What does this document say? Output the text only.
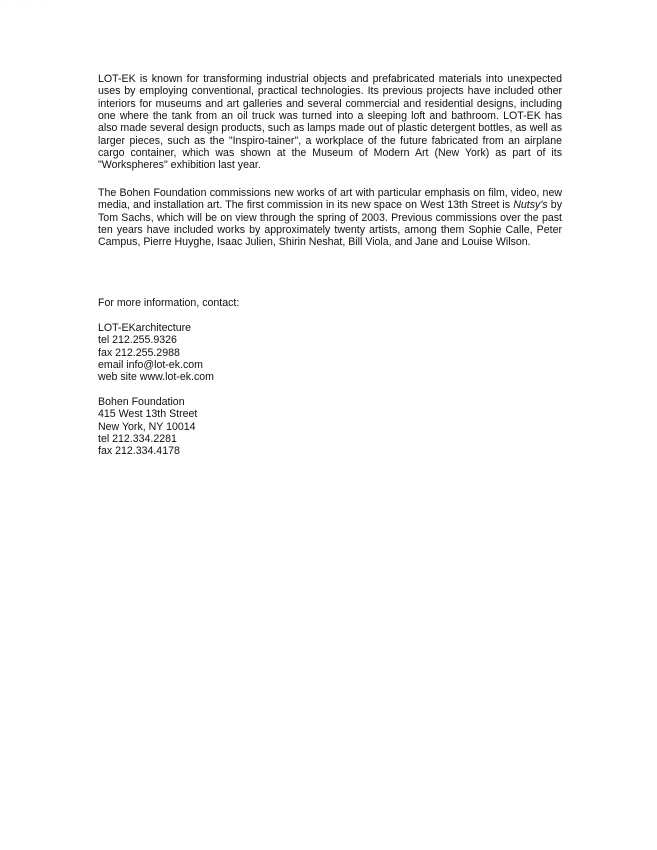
. . . .

LOT-EK is known for transforming industrial objects and prefabricated materials into unexpected uses by employing conventional, practical technologies. Its previous projects have included other interiors for museums and art galleries and several commercial and residential designs, including one where the tank from an oil truck was turned into a sleeping loft and bathroom. LOT-EK has also made several design products, such as lamps made out of plastic detergent bottles, as well as larger pieces, such as the "Inspiro-tainer", a workplace of the future fabricated from an airplane cargo container, which was shown at the Museum of Modern Art (New York) as part of its "Workspheres" exhibition last year.

The Bohen Foundation commissions new works of art with particular emphasis on film, video, new media, and installation art. The first commission in its new space on West 13th Street is Nutsy's by Tom Sachs, which will be on view through the spring of 2003. Previous commissions over the past ten years have included works by approximately twenty artists, among them Sophie Calle, Peter Campus, Pierre Huyghe, Isaac Julien, Shirin Neshat, Bill Viola, and Jane and Louise Wilson.

For more information, contact:
LOT-EKarchitecture
tel 212.255.9326
fax 212.255.2988
email info@lot-ek.com
web site www.lot-ek.com
Bohen Foundation
415 West 13th Street
New York, NY 10014
tel 212.334.2281
fax 212.334.4178
